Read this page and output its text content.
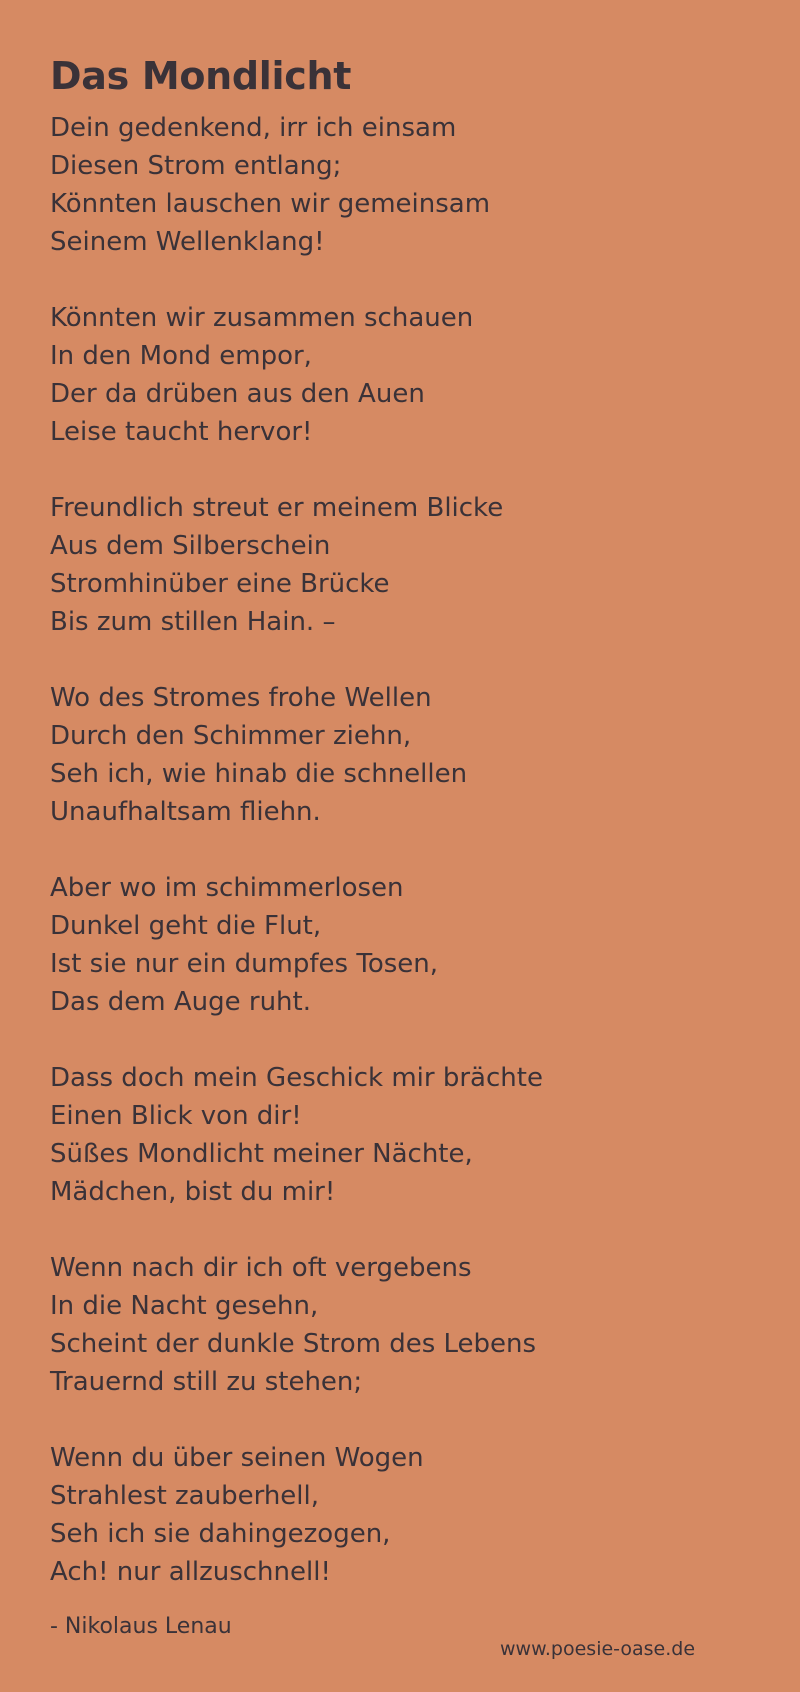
Das Mondlicht
Dein gedenkend, irr ich einsam
Diesen Strom entlang;
Könnten lauschen wir gemeinsam
Seinem Wellenklang!
Könnten wir zusammen schauen
In den Mond empor,
Der da drüben aus den Auen
Leise taucht hervor!
Freundlich streut er meinem Blicke
Aus dem Silberschein
Stromhinüber eine Brücke
Bis zum stillen Hain. –
Wo des Stromes frohe Wellen
Durch den Schimmer ziehn,
Seh ich, wie hinab die schnellen
Unaufhaltsam fliehn.
Aber wo im schimmerlosen
Dunkel geht die Flut,
Ist sie nur ein dumpfes Tosen,
Das dem Auge ruht.
Dass doch mein Geschick mir brächte
Einen Blick von dir!
Süßes Mondlicht meiner Nächte,
Mädchen, bist du mir!
Wenn nach dir ich oft vergebens
In die Nacht gesehn,
Scheint der dunkle Strom des Lebens
Trauernd still zu stehen;
Wenn du über seinen Wogen
Strahlest zauberhell,
Seh ich sie dahingezogen,
Ach! nur allzuschnell!
- Nikolaus Lenau
www.poesie-oase.de
